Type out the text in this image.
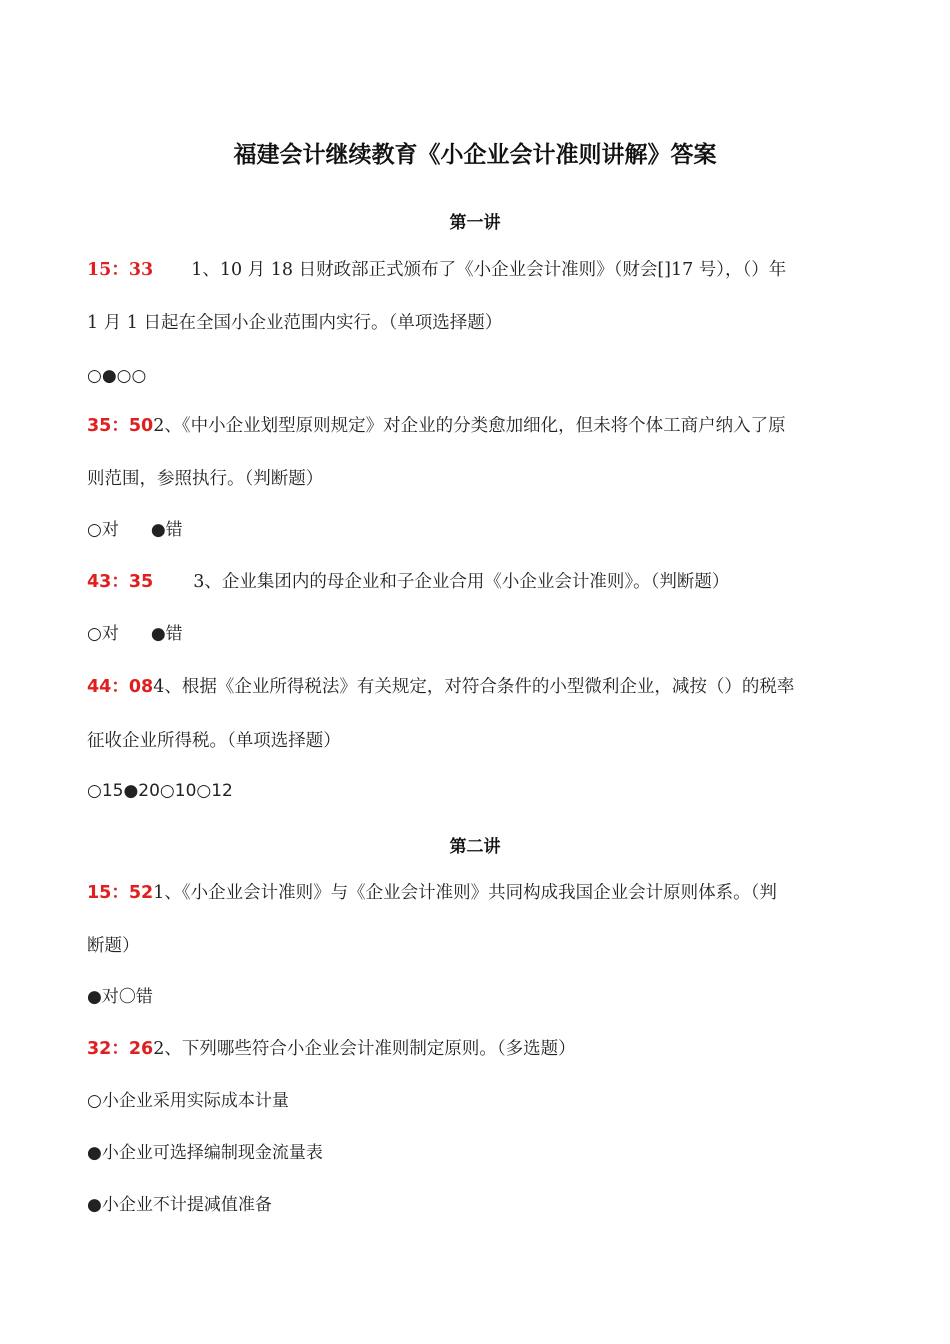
福建会计继续教育《小企业会计准则讲解》答案
第一讲
15：33 1、10 月 18 日财政部正式颁布了《小企业会计准则》（财会[]17 号），（）年
1 月 1 日起在全国小企业范围内实行。（单项选择题）
○●○○
35：502、《中小企业划型原则规定》对企业的分类愈加细化，但未将个体工商户纳入了原
则范围，参照执行。（判断题）
○对 ●错
43：35 3、企业集团内的母企业和子企业合用《小企业会计准则》。（判断题）
○对 ●错
44：084、根据《企业所得税法》有关规定，对符合条件的小型微利企业，减按（）的税率
征收企业所得税。（单项选择题）
○15●20○10○12
第二讲
15：521、《小企业会计准则》与《企业会计准则》共同构成我国企业会计原则体系。（判
断题）
●对〇错
32：262、下列哪些符合小企业会计准则制定原则。（多选题）
○小企业采用实际成本计量
●小企业可选择编制现金流量表
●小企业不计提减值准备
